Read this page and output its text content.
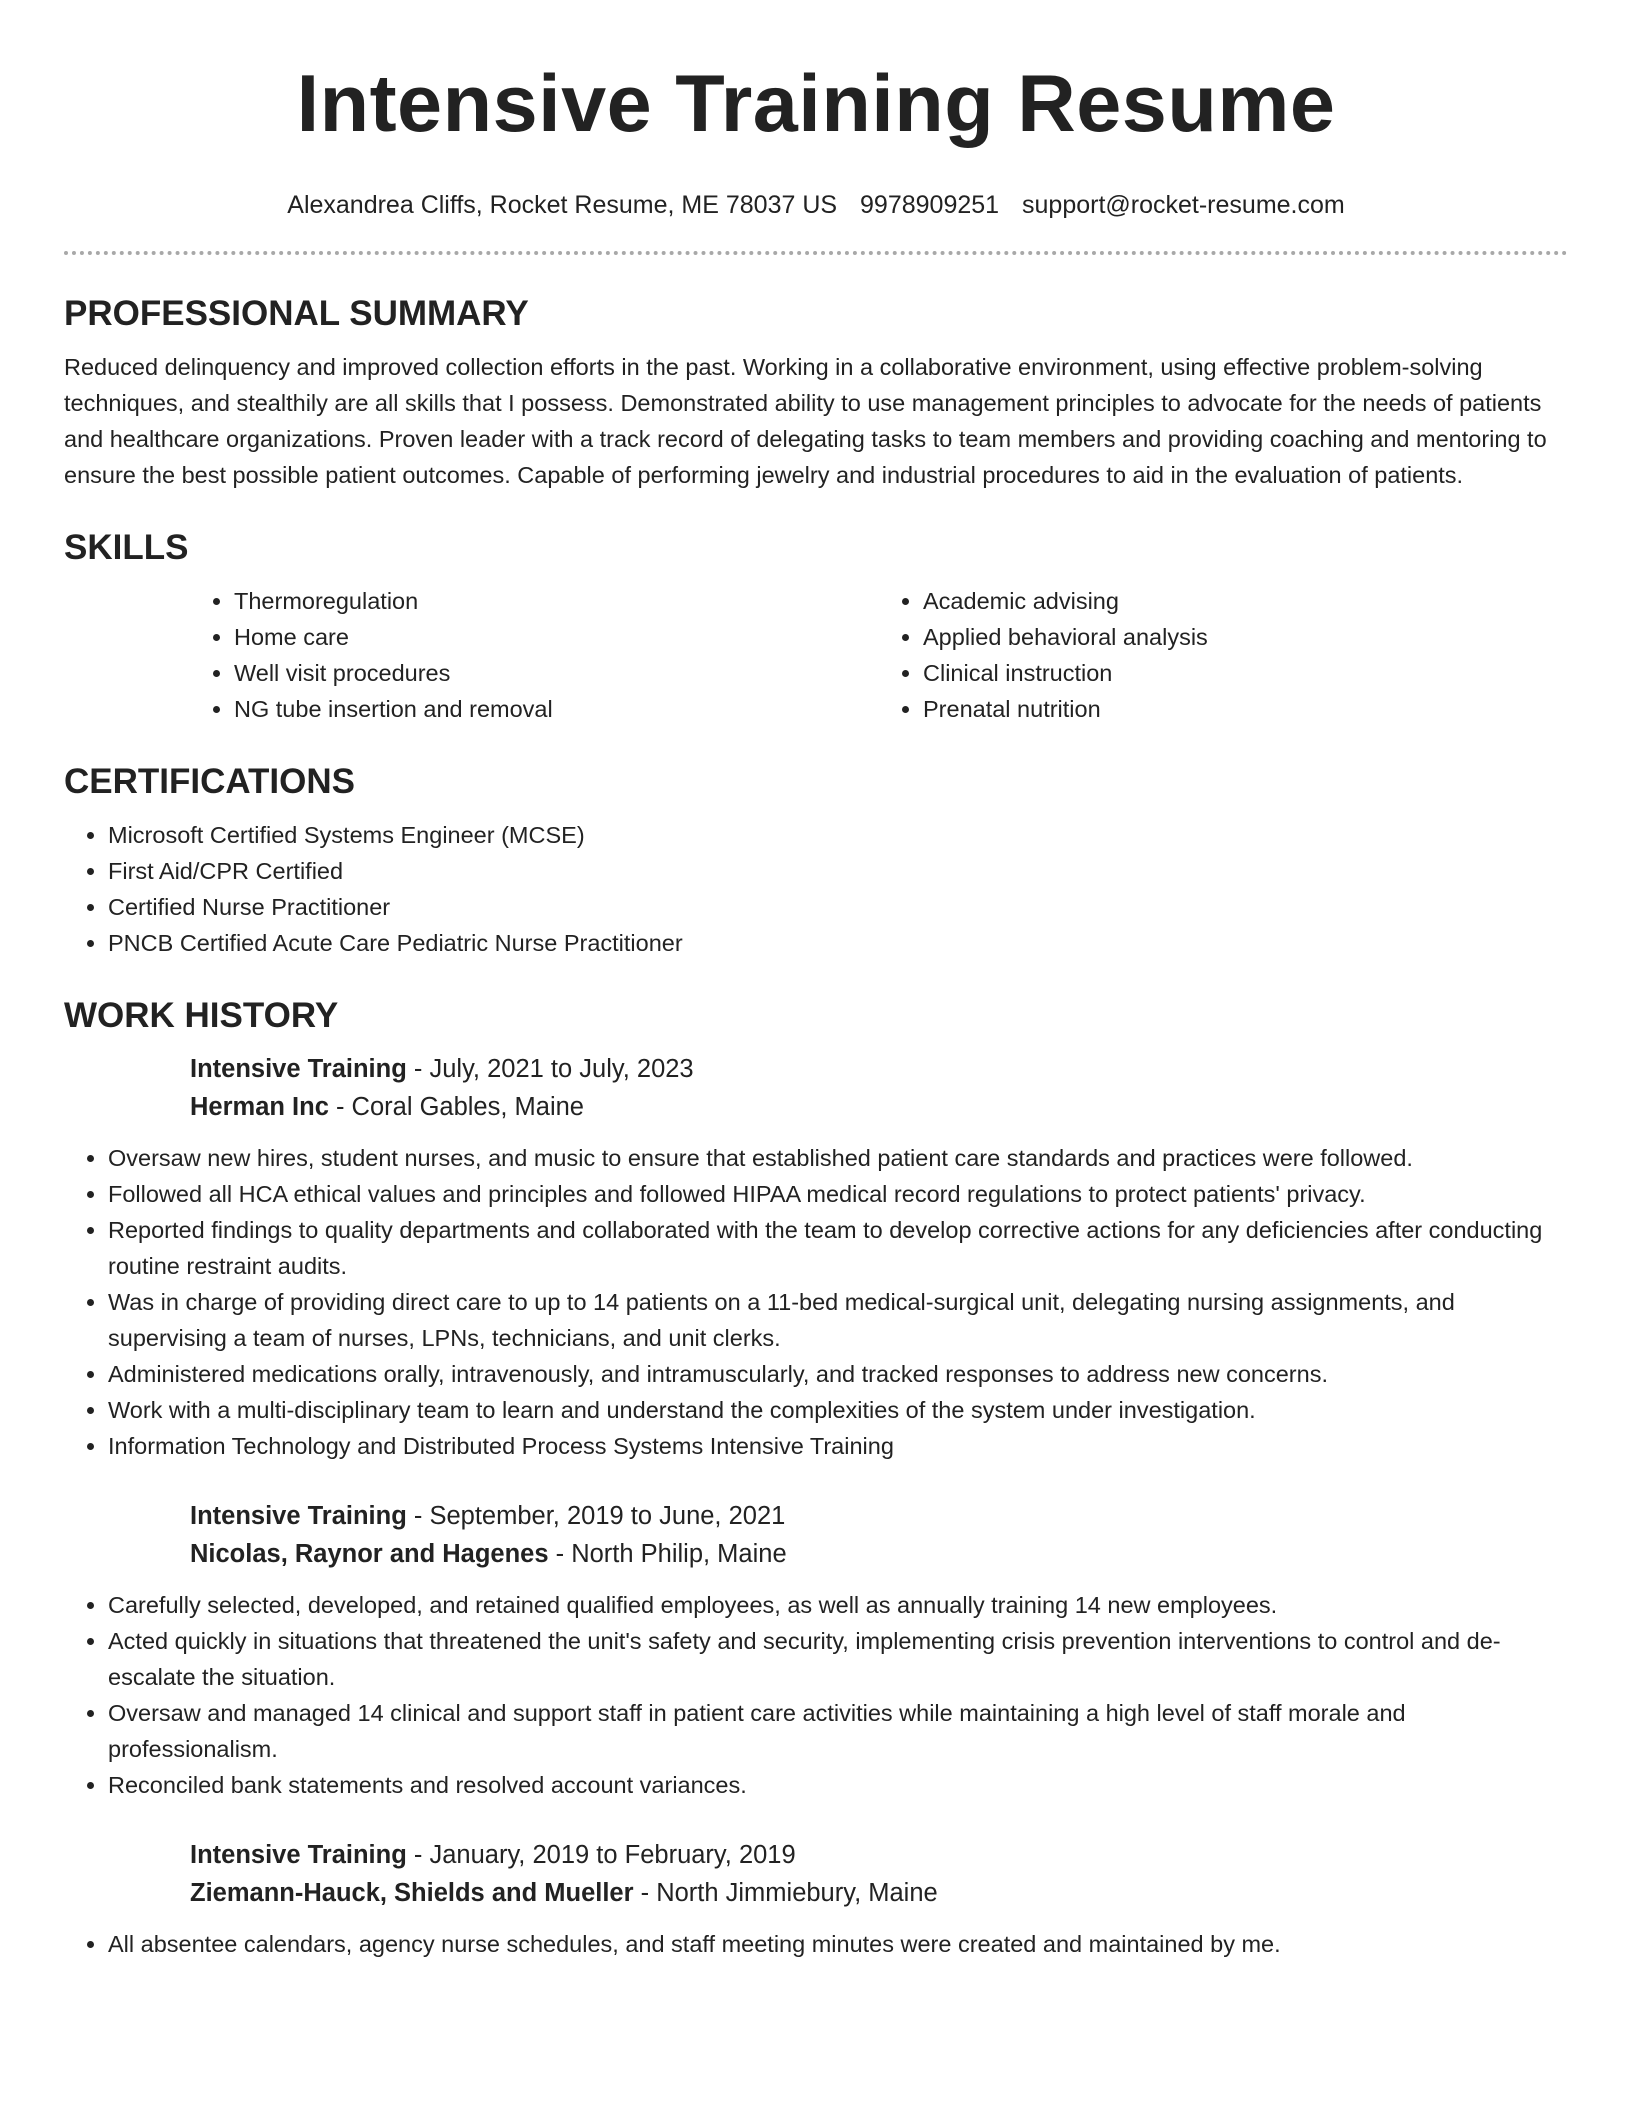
Intensive Training Resume
Alexandrea Cliffs, Rocket Resume, ME 78037 US 9978909251 support@rocket-resume.com
PROFESSIONAL SUMMARY

Reduced delinquency and improved collection efforts in the past. Working in a collaborative environment, using effective problem-solving techniques, and stealthily are all skills that I possess. Demonstrated ability to use management principles to advocate for the needs of patients and healthcare organizations. Proven leader with a track record of delegating tasks to team members and providing coaching and mentoring to ensure the best possible patient outcomes. Capable of performing jewelry and industrial procedures to aid in the evaluation of patients.

SKILLS
• Thermoregulation
• Home care
• Well visit procedures
• NG tube insertion and removal
• Academic advising
• Applied behavioral analysis
• Clinical instruction
• Prenatal nutrition
CERTIFICATIONS
• Microsoft Certified Systems Engineer (MCSE)
• First Aid/CPR Certified
• Certified Nurse Practitioner
• PNCB Certified Acute Care Pediatric Nurse Practitioner
WORK HISTORY
Intensive Training - July, 2021 to July, 2023
Herman Inc - Coral Gables, Maine
• Oversaw new hires, student nurses, and music to ensure that established patient care standards and practices were followed.
• Followed all HCA ethical values and principles and followed HIPAA medical record regulations to protect patients' privacy.
• Reported findings to quality departments and collaborated with the team to develop corrective actions for any deficiencies after conducting routine restraint audits.
• Was in charge of providing direct care to up to 14 patients on a 11-bed medical-surgical unit, delegating nursing assignments, and supervising a team of nurses, LPNs, technicians, and unit clerks.
• Administered medications orally, intravenously, and intramuscularly, and tracked responses to address new concerns.
• Work with a multi-disciplinary team to learn and understand the complexities of the system under investigation.
• Information Technology and Distributed Process Systems Intensive Training
Intensive Training - September, 2019 to June, 2021
Nicolas, Raynor and Hagenes - North Philip, Maine
• Carefully selected, developed, and retained qualified employees, as well as annually training 14 new employees.
• Acted quickly in situations that threatened the unit's safety and security, implementing crisis prevention interventions to control and de-escalate the situation.
• Oversaw and managed 14 clinical and support staff in patient care activities while maintaining a high level of staff morale and professionalism.
• Reconciled bank statements and resolved account variances.
Intensive Training - January, 2019 to February, 2019
Ziemann-Hauck, Shields and Mueller - North Jimmiebury, Maine
• All absentee calendars, agency nurse schedules, and staff meeting minutes were created and maintained by me.
